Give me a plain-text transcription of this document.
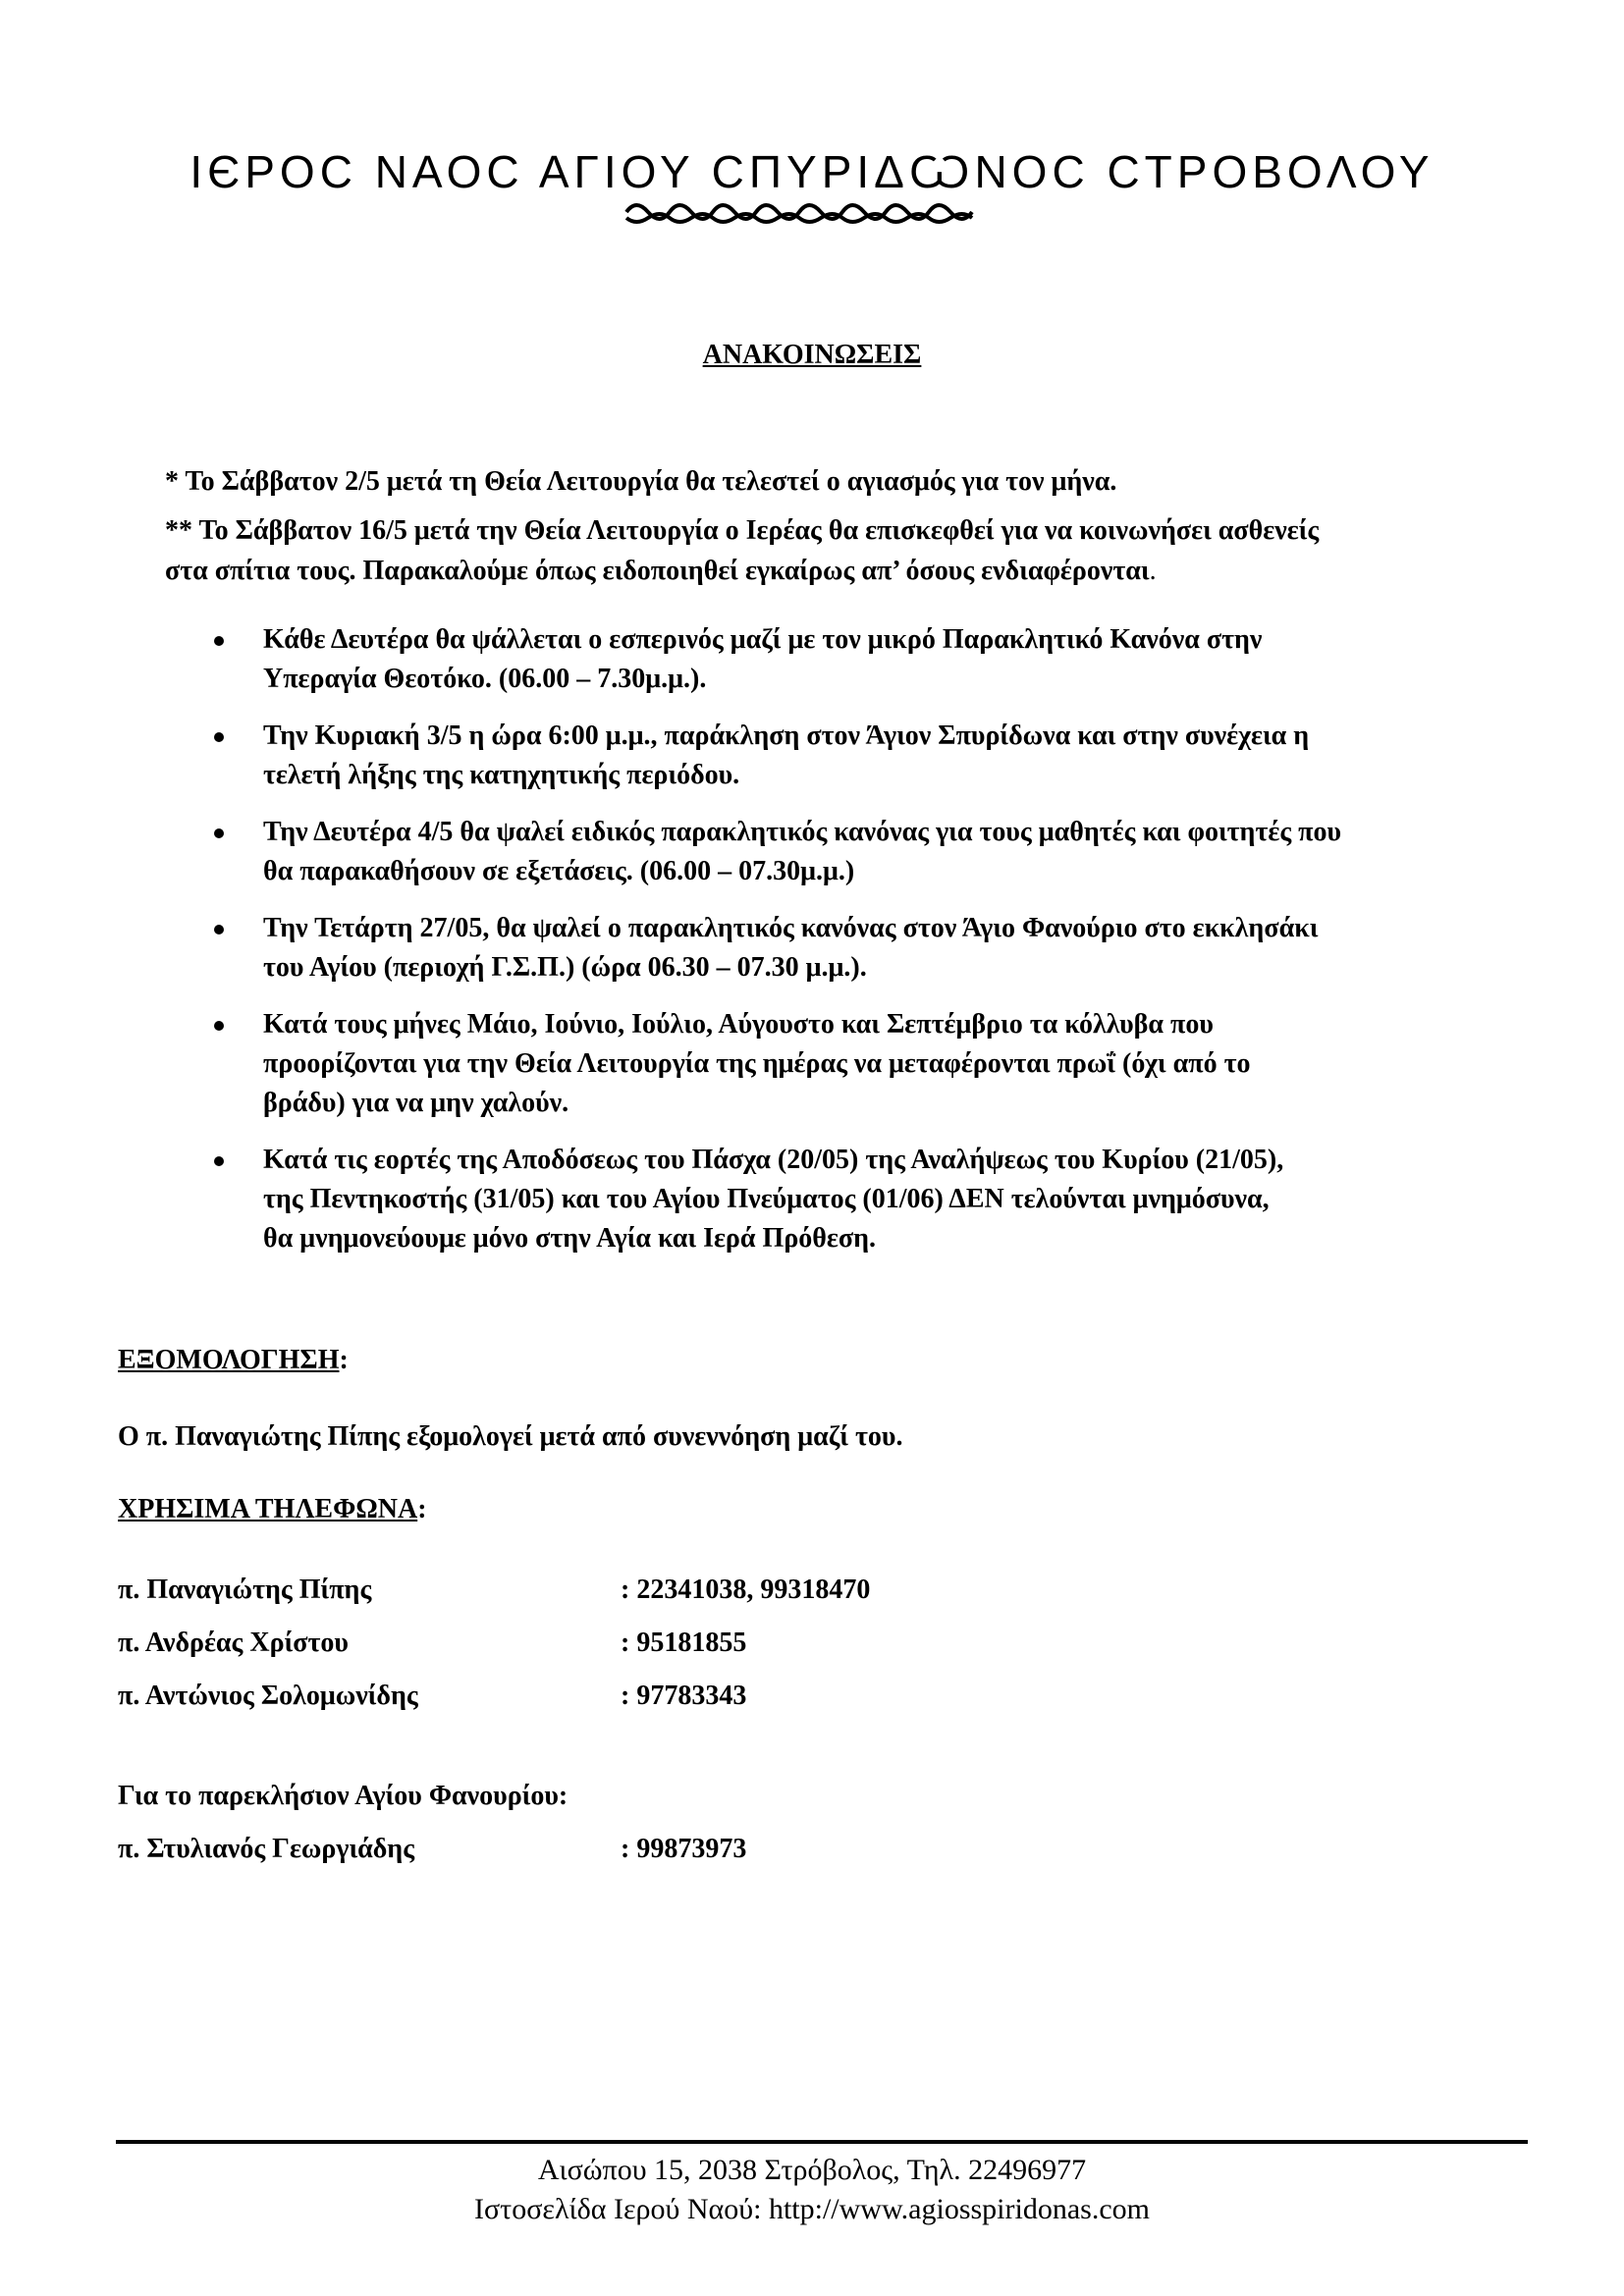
ΙЄΡΟϹ ΝΑΟϹ ΑΓΙΟΥ ϹΠΥΡΙΔѠΝΟϹ ϹΤΡΟΒΟΛΟΥ
ΑΝΑΚΟΙΝΩΣΕΙΣ
* Το Σάββατον 2/5 μετά τη Θεία Λειτουργία θα τελεστεί ο αγιασμός για τον μήνα.
** Το Σάββατον 16/5 μετά την Θεία Λειτουργία ο Ιερέας θα επισκεφθεί για να κοινωνήσει ασθενείς
στα σπίτια τους. Παρακαλούμε όπως ειδοποιηθεί εγκαίρως απ’ όσους ενδιαφέρονται.
Κάθε Δευτέρα θα ψάλλεται ο εσπερινός μαζί με τον μικρό Παρακλητικό Κανόνα στην
Υπεραγία Θεοτόκο. (06.00 – 7.30μ.μ.).
Την Κυριακή 3/5 η ώρα 6:00 μ.μ., παράκληση στον Άγιον Σπυρίδωνα και στην συνέχεια η
τελετή λήξης της κατηχητικής περιόδου.
Την Δευτέρα 4/5 θα ψαλεί ειδικός παρακλητικός κανόνας για τους μαθητές και φοιτητές που
θα παρακαθήσουν σε εξετάσεις. (06.00 – 07.30μ.μ.)
Την Τετάρτη 27/05, θα ψαλεί ο παρακλητικός κανόνας στον Άγιο Φανούριο στο εκκλησάκι
του Αγίου (περιοχή Γ.Σ.Π.) (ώρα 06.30 – 07.30 μ.μ.).
Κατά τους μήνες Μάιο, Ιούνιο, Ιούλιο, Αύγουστο και Σεπτέμβριο τα κόλλυβα που
προορίζονται για την Θεία Λειτουργία της ημέρας να μεταφέρονται πρωΐ (όχι από το
βράδυ) για να μην χαλούν.
Κατά τις εορτές της Αποδόσεως του Πάσχα (20/05) της Αναλήψεως του Κυρίου (21/05),
της Πεντηκοστής (31/05) και του Αγίου Πνεύματος (01/06) ΔΕΝ τελούνται μνημόσυνα,
θα μνημονεύουμε μόνο στην Αγία και Ιερά Πρόθεση.
ΕΞΟΜΟΛΟΓΗΣΗ:
Ο π. Παναγιώτης Πίπης εξομολογεί μετά από συνεννόηση μαζί του.
ΧΡΗΣΙΜΑ ΤΗΛΕΦΩΝΑ:
π. Παναγιώτης Πίπης	: 22341038, 99318470
π. Ανδρέας Χρίστου	: 95181855
π. Αντώνιος Σολομωνίδης	: 97783343
Για το παρεκλήσιον Αγίου Φανουρίου:
π. Στυλιανός Γεωργιάδης	: 99873973
Αισώπου 15, 2038 Στρόβολος, Τηλ. 22496977
Ιστοσελίδα Ιερού Ναού: http://www.agiosspiridonas.com
